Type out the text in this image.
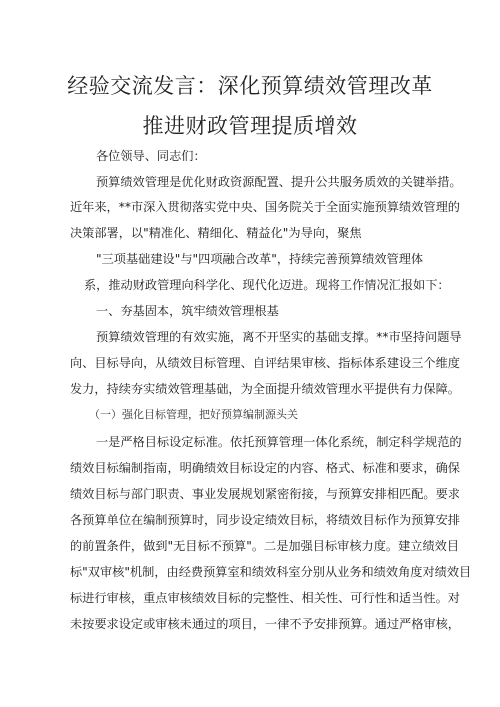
经验交流发言：深化预算绩效管理改革
推进财政管理提质增效
各位领导、同志们：
预算绩效管理是优化财政资源配置、提升公共服务质效的关键举措。
近年来，**市深入贯彻落实党中央、国务院关于全面实施预算绩效管理的
决策部署，以"精准化、精细化、精益化"为导向，聚焦
"三项基础建设"与"四项融合改革"，持续完善预算绩效管理体
系，推动财政管理向科学化、现代化迈进。现将工作情况汇报如下：
一、夯基固本，筑牢绩效管理根基
预算绩效管理的有效实施，离不开坚实的基础支撑。**市坚持问题导
向、目标导向，从绩效目标管理、自评结果审核、指标体系建设三个维度
发力，持续夯实绩效管理基础，为全面提升绩效管理水平提供有力保障。
（一）强化目标管理，把好预算编制源头关
一是严格目标设定标准。依托预算管理一体化系统，制定科学规范的
绩效目标编制指南，明确绩效目标设定的内容、格式、标准和要求，确保
绩效目标与部门职责、事业发展规划紧密衔接，与预算安排相匹配。要求
各预算单位在编制预算时，同步设定绩效目标，将绩效目标作为预算安排
的前置条件，做到"无目标不预算"。二是加强目标审核力度。建立绩效目
标"双审核"机制，由经费预算室和绩效科室分别从业务和绩效角度对绩效目
标进行审核，重点审核绩效目标的完整性、相关性、可行性和适当性。对
未按要求设定或审核未通过的项目，一律不予安排预算。通过严格审核，
